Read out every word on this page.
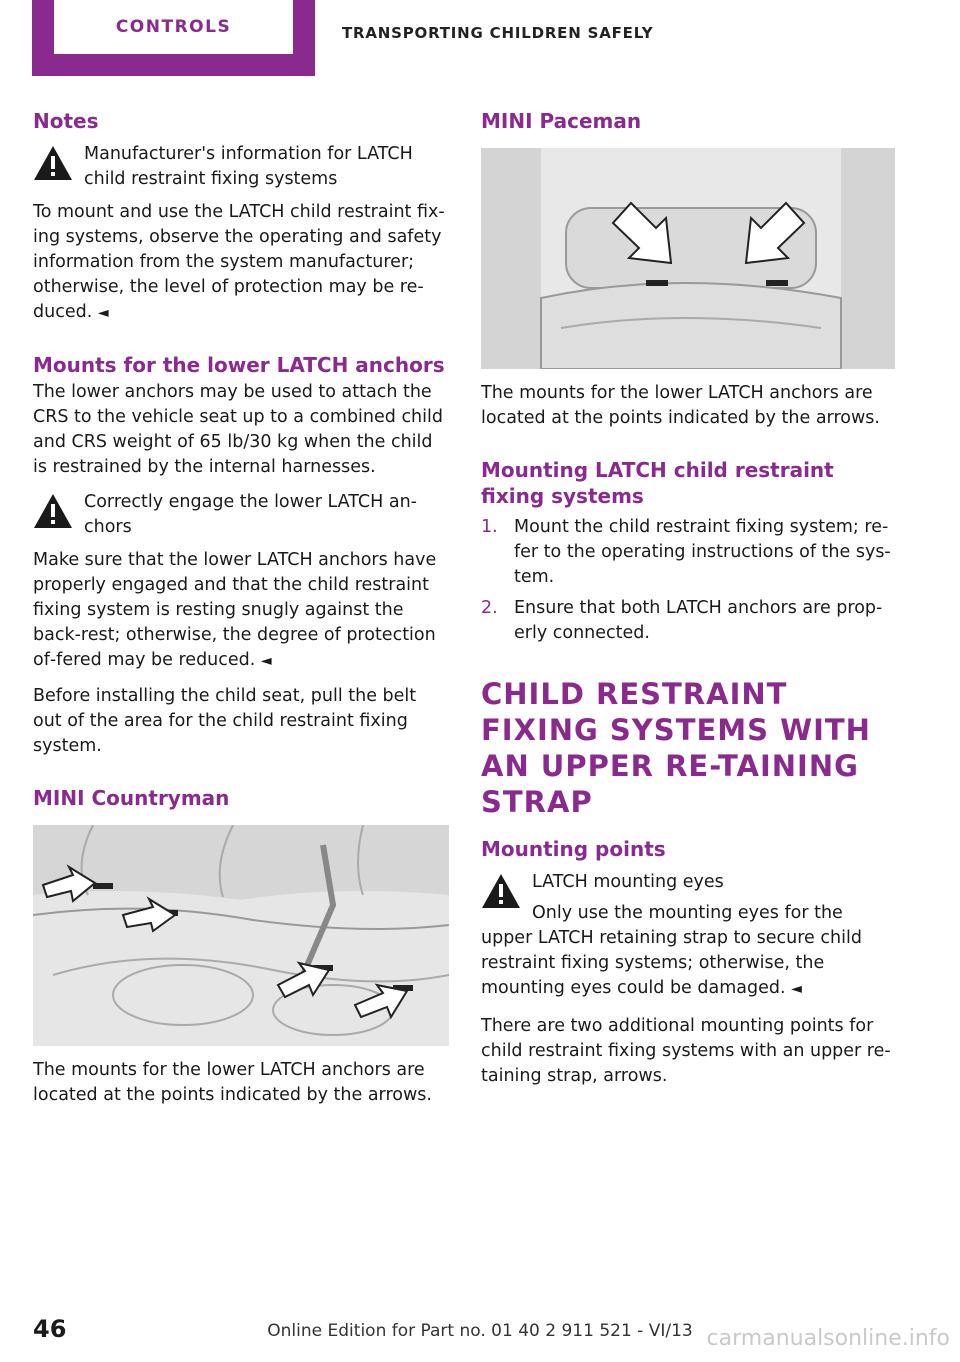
CONTROLS	TRANSPORTING CHILDREN SAFELY
Notes
Manufacturer's information for LATCH child restraint fixing systems

To mount and use the LATCH child restraint fix‐ing systems, observe the operating and safety information from the system manufacturer; otherwise, the level of protection may be re‐duced. ◄

Mounts for the lower LATCH anchors

The lower anchors may be used to attach the CRS to the vehicle seat up to a combined child and CRS weight of 65 lb/30 kg when the child is restrained by the internal harnesses.

Correctly engage the lower LATCH an‐chors

Make sure that the lower LATCH anchors have properly engaged and that the child restraint fixing system is resting snugly against the back‐rest; otherwise, the degree of protection of‐fered may be reduced. ◄

Before installing the child seat, pull the belt out of the area for the child restraint fixing system.

MINI Countryman

The mounts for the lower LATCH anchors are located at the points indicated by the arrows.

MINI Paceman

The mounts for the lower LATCH anchors are located at the points indicated by the arrows.

Mounting LATCH child restraint fixing systems
1. Mount the child restraint fixing system; re‐fer to the operating instructions of the sys‐tem.
2. Ensure that both LATCH anchors are prop‐erly connected.
CHILD RESTRAINT FIXING SYSTEMS WITH AN UPPER RE‐TAINING STRAP
Mounting points
LATCH mounting eyes

Only use the mounting eyes for the upper LATCH retaining strap to secure child restraint fixing systems; otherwise, the mounting eyes could be damaged. ◄

There are two additional mounting points for child restraint fixing systems with an upper re‐taining strap, arrows.

46	Online Edition for Part no. 01 40 2 911 521 - VI/13 carmanualsonline.info
